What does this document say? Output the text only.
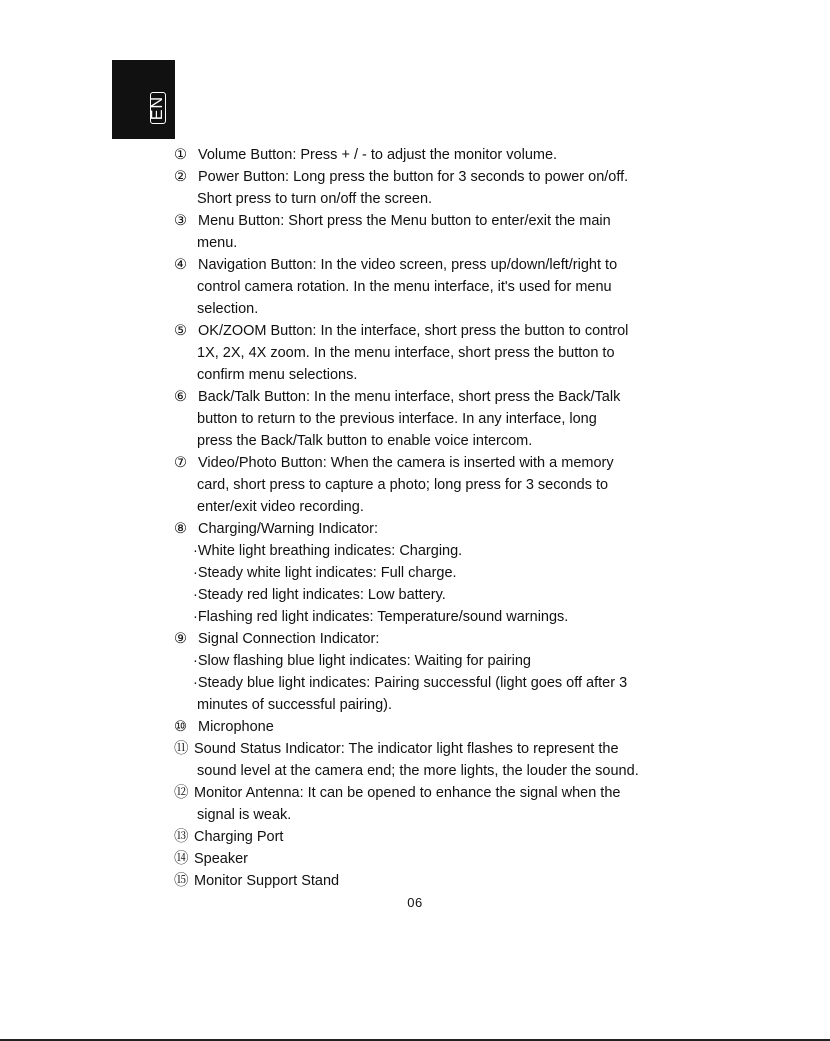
EN
① Volume Button: Press + / - to adjust the monitor volume.
② Power Button: Long press the button for 3 seconds to power on/off.
Short press to turn on/off the screen.
③ Menu Button: Short press the Menu button to enter/exit the main
menu.
④ Navigation Button: In the video screen, press up/down/left/right to
control camera rotation. In the menu interface, it's used for menu
selection.
⑤ OK/ZOOM Button: In the interface, short press the button to control
1X, 2X, 4X zoom. In the menu interface, short press the button to
confirm menu selections.
⑥ Back/Talk Button: In the menu interface, short press the Back/Talk
button to return to the previous interface. In any interface, long
press the Back/Talk button to enable voice intercom.
⑦ Video/Photo Button: When the camera is inserted with a memory
card, short press to capture a photo; long press for 3 seconds to
enter/exit video recording.
⑧ Charging/Warning Indicator:
·White light breathing indicates: Charging.
·Steady white light indicates: Full charge.
·Steady red light indicates: Low battery.
·Flashing red light indicates: Temperature/sound warnings.
⑨ Signal Connection Indicator:
·Slow flashing blue light indicates: Waiting for pairing
·Steady blue light indicates: Pairing successful (light goes off after 3
minutes of successful pairing).
⑩ Microphone
⑪ Sound Status Indicator: The indicator light flashes to represent the
sound level at the camera end; the more lights, the louder the sound.
⑫ Monitor Antenna: It can be opened to enhance the signal when the
signal is weak.
⑬ Charging Port
⑭ Speaker
⑮ Monitor Support Stand
06
